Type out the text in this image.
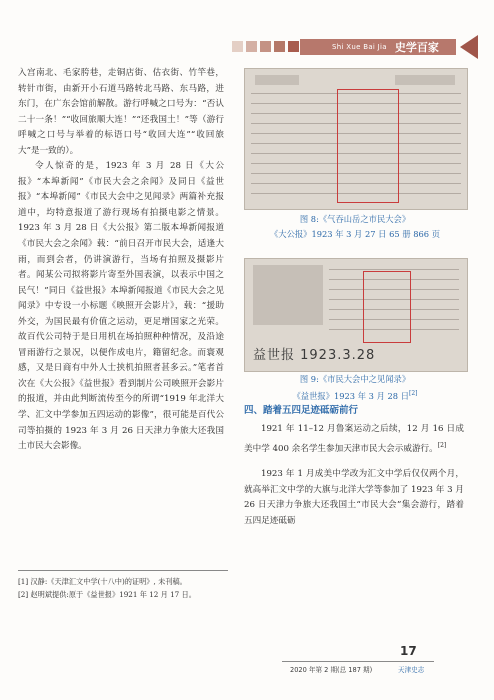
Shi Xue Bai Jia 史学百家

入宫南北、毛家胯巷，走铜店街、估衣街、竹竿巷，转针市街，由新开小石道马路转北马路、东马路，进东门，在广东会馆前解散。游行呼喊之口号为：“否认二十一条！”“收回旅顺大连！”“还我国土！”等（游行呼喊之口号与举着的标语口号“收回大连”“收回旅大”是一致的）。

令人惊奇的是，1923 年 3 月 28 日《大公报》“本埠新闻”《市民大会之余闻》及同日《益世报》“本埠新闻”《市民大会中之见闻录》两篇补充报道中，均特意报道了游行现场有拍摄电影之情景。1923 年 3 月 28 日《大公报》第二版本埠新闻报道《市民大会之余闻》载：“前日召开市民大会，适逢大雨，而到会者，仍讲演游行，当场有拍照及摄影片者。闻某公司拟将影片寄至外国表演，以表示中国之民气！”同日《益世报》本埠新闻报道《市民大会之见闻录》中专设一小标题《映照开会影片》，载：“援助外交，为国民最有价值之运动，更足增国家之光荣。故百代公司特于是日用机在场拍照种种情况，及沿途冒雨游行之景况，以便作成电片，籍留纪念。而寰观感，又是日商有中外人士挟机拍照者甚多云。”笔者首次在《大公报》《益世报》看到制片公司映照开会影片的报道，并由此判断流传至今的所谓“1919 年北洋大学、汇文中学参加五四运动的影像”，很可能是百代公司等拍摄的 1923 年 3 月 26 日天津力争旅大还我国土市民大会影像。

图 8:《气吞山岳之市民大会》
《大公报》1923 年 3 月 27 日 65 册 866 页
益世报 1923.3.28
图 9:《市民大会中之见闻录》
《益世报》1923 年 3 月 28 日[2]
四、踏着五四足迹砥砺前行

1921 年 11–12 月鲁案运动之后续，12 月 16 日成美中学 400 余名学生参加天津市民大会示威游行。[2]

1923 年 1 月成美中学改为汇文中学后仅仅两个月，就高举汇文中学的大旗与北洋大学等参加了 1923 年 3 月 26 日天津力争旅大还我国土“市民大会”集会游行，踏着五四足迹砥砺

[1] 汉静:《天津汇文中学(十八中)的证明》, 未刊稿。
[2] 赵明斌提供:原于《益世报》1921 年 12 月 17 日。
17
2020 年第 2 期(总 187 期)	天津史志
